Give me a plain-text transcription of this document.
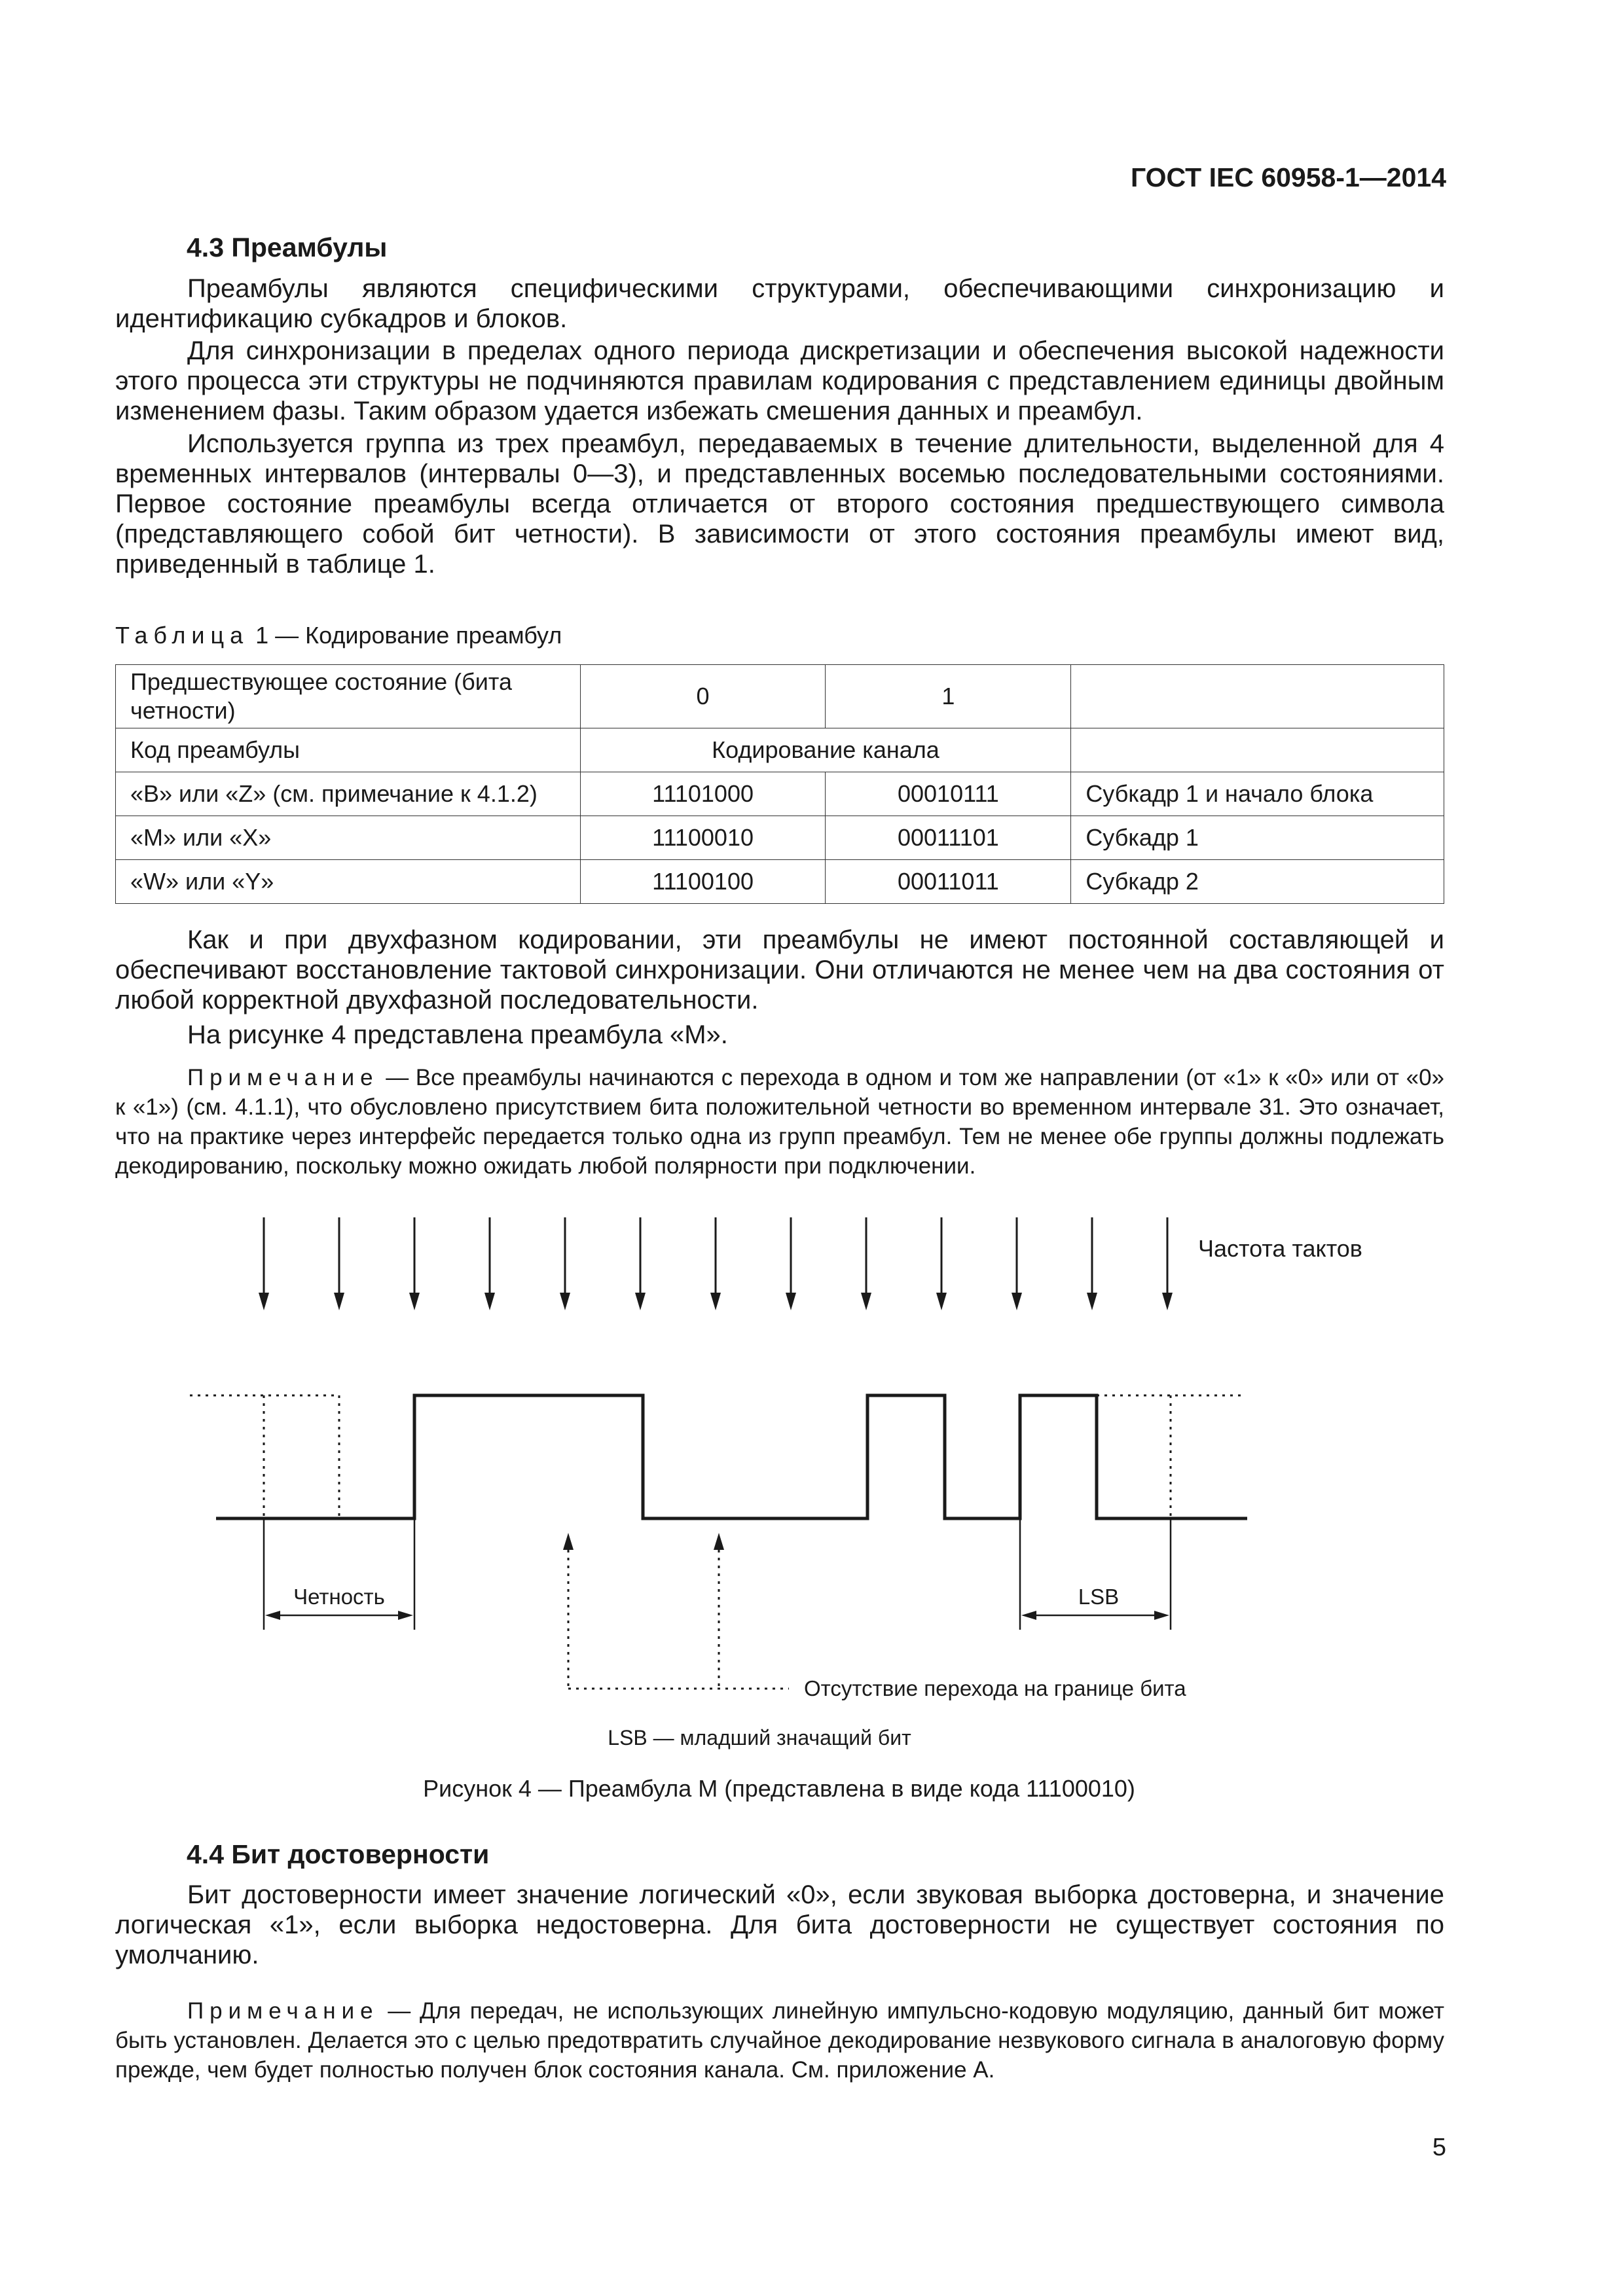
ГОСТ IEC 60958-1—2014
4.3 Преамбулы

Преамбулы являются специфическими структурами, обеспечивающими синхронизацию и идентификацию субкадров и блоков.

Для синхронизации в пределах одного периода дискретизации и обеспечения высокой надежности этого процесса эти структуры не подчиняются правилам кодирования с представлением единицы двойным изменением фазы. Таким образом удается избежать смешения данных и преамбул.

Используется группа из трех преамбул, передаваемых в течение длительности, выделенной для 4 временных интервалов (интервалы 0—3), и представленных восемью последовательными состояниями. Первое состояние преамбулы всегда отличается от второго состояния предшествующего символа (представляющего собой бит четности). В зависимости от этого состояния преамбулы имеют вид, приведенный в таблице 1.

Таблица 1 — Кодирование преамбул
Предшествующее состояние (бита четности)	0	1	
Код преамбулы	Кодирование канала		
«B» или «Z» (см. примечание к 4.1.2)	11101000	00010111	Субкадр 1 и начало блока
«M» или «X»	11100010	00011101	Субкадр 1
«W» или «Y»	11100100	00011011	Субкадр 2

Как и при двухфазном кодировании, эти преамбулы не имеют постоянной составляющей и обеспечивают восстановление тактовой синхронизации. Они отличаются не менее чем на два состояния от любой корректной двухфазной последовательности.

На рисунке 4 представлена преамбула «M».

Примечание — Все преамбулы начинаются с перехода в одном и том же направлении (от «1» к «0» или от «0» к «1») (см. 4.1.1), что обусловлено присутствием бита положительной четности во временном интервале 31. Это означает, что на практике через интерфейс передается только одна из групп преамбул. Тем не менее обе группы должны подлежать декодированию, поскольку можно ожидать любой полярности при подключении.

Частота тактов
Четность	LSB
Отсутствие перехода на границе бита
LSB — младший значащий бит
Рисунок 4 — Преамбула M (представлена в виде кода 11100010)
4.4 Бит достоверности

Бит достоверности имеет значение логический «0», если звуковая выборка достоверна, и значение логическая «1», если выборка недостоверна. Для бита достоверности не существует состояния по умолчанию.

Примечание — Для передач, не использующих линейную импульсно-кодовую модуляцию, данный бит может быть установлен. Делается это с целью предотвратить случайное декодирование незвукового сигнала в аналоговую форму прежде, чем будет полностью получен блок состояния канала. См. приложение А.

5
